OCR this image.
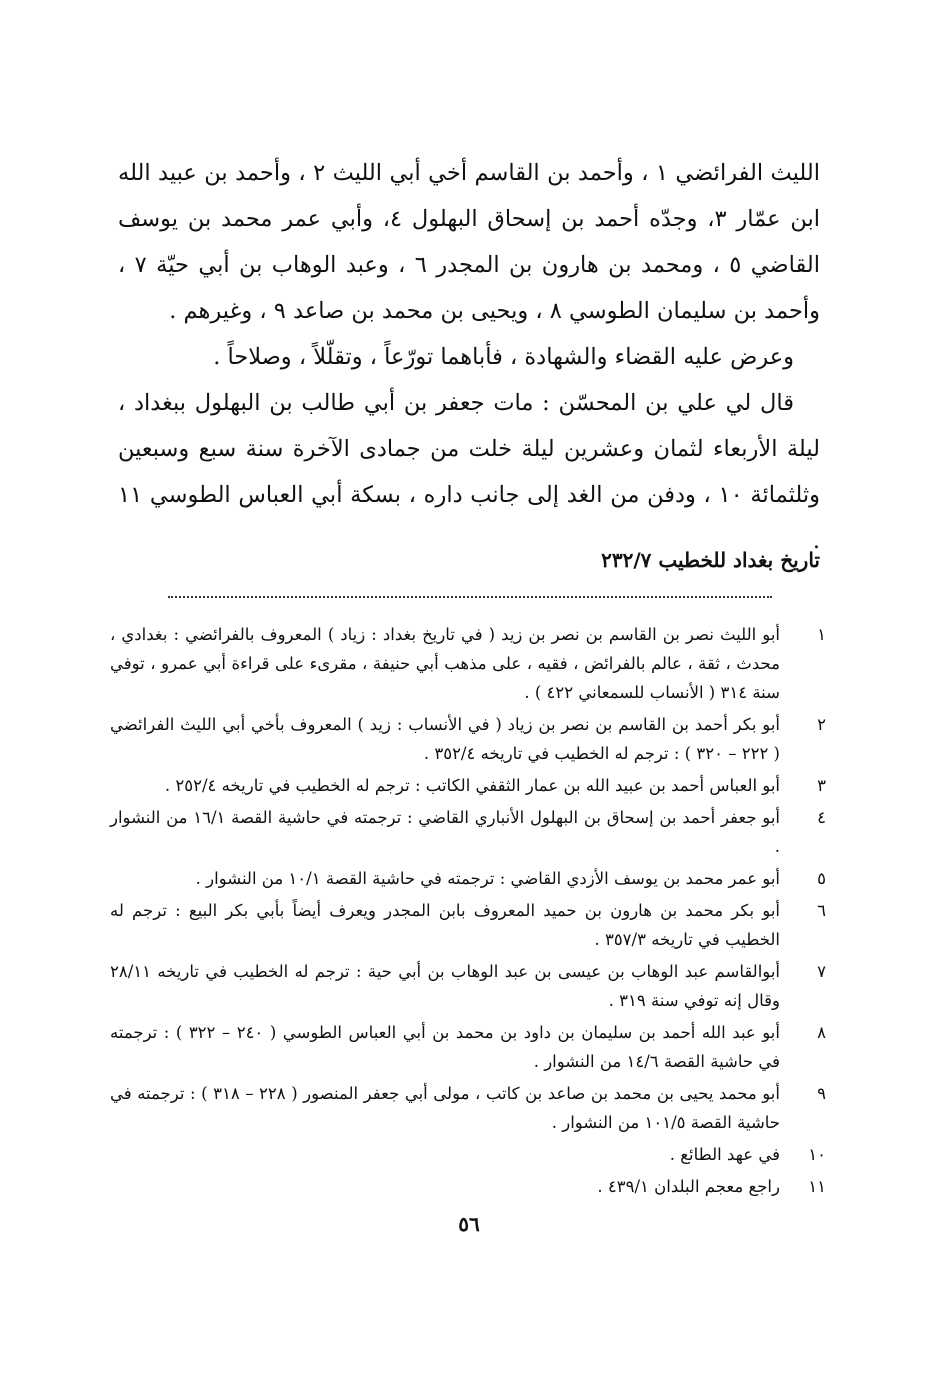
الليث الفرائضي ١ ، وأحمد بن القاسم أخي أبي الليث ٢ ، وأحمد بن عبيد الله ابن عمّار ٣، وجدّه أحمد بن إسحاق البهلول ٤، وأبي عمر محمد بن يوسف القاضي ٥ ، ومحمد بن هارون بن المجدر ٦ ، وعبد الوهاب بن أبي حيّة ٧ ، وأحمد بن سليمان الطوسي ٨ ، ويحيى بن محمد بن صاعد ٩ ، وغيرهم .

وعرض عليه القضاء والشهادة ، فأباهما تورّعاً ، وتقلّلاً ، وصلاحاً .

قال لي علي بن المحسّن : مات جعفر بن أبي طالب بن البهلول ببغداد ، ليلة الأربعاء لثمان وعشرين ليلة خلت من جمادى الآخرة سنة سبع وسبعين وثلثمائة ١٠ ، ودفن من الغد إلى جانب داره ، بسكة أبي العباس الطوسي ١١ .

تاريخ بغداد للخطيب ٢٣٢/٧
١
أبو الليث نصر بن القاسم بن نصر بن زيد ( في تاريخ بغداد : زياد ) المعروف بالفرائضي : بغدادي ، محدث ، ثقة ، عالم بالفرائض ، فقيه ، على مذهب أبي حنيفة ، مقرىء على قراءة أبي عمرو ، توفي سنة ٣١٤ ( الأنساب للسمعاني ٤٢٢ ) .
٢
أبو بكر أحمد بن القاسم بن نصر بن زياد ( في الأنساب : زيد ) المعروف بأخي أبي الليث الفرائضي ( ٢٢٢ – ٣٢٠ ) : ترجم له الخطيب في تاريخه ٣٥٢/٤ .
٣
أبو العباس أحمد بن عبيد الله بن عمار الثقفي الكاتب : ترجم له الخطيب في تاريخه ٢٥٢/٤ .
٤
أبو جعفر أحمد بن إسحاق بن البهلول الأنباري القاضي : ترجمته في حاشية القصة ١٦/١ من النشوار .
٥
أبو عمر محمد بن يوسف الأزدي القاضي : ترجمته في حاشية القصة ١٠/١ من النشوار .
٦
أبو بكر محمد بن هارون بن حميد المعروف بابن المجدر ويعرف أيضاً بأبي بكر البيع : ترجم له الخطيب في تاريخه ٣٥٧/٣ .
٧
أبوالقاسم عبد الوهاب بن عيسى بن عبد الوهاب بن أبي حية : ترجم له الخطيب في تاريخه ٢٨/١١ وقال إنه توفي سنة ٣١٩ .
٨
أبو عبد الله أحمد بن سليمان بن داود بن محمد بن أبي العباس الطوسي ( ٢٤٠ – ٣٢٢ ) : ترجمته في حاشية القصة ١٤/٦ من النشوار .
٩
أبو محمد يحيى بن محمد بن صاعد بن كاتب ، مولى أبي جعفر المنصور ( ٢٢٨ – ٣١٨ ) : ترجمته في حاشية القصة ١٠١/٥ من النشوار .
١٠
في عهد الطائع .
١١
راجع معجم البلدان ٤٣٩/١ .
٥٦
